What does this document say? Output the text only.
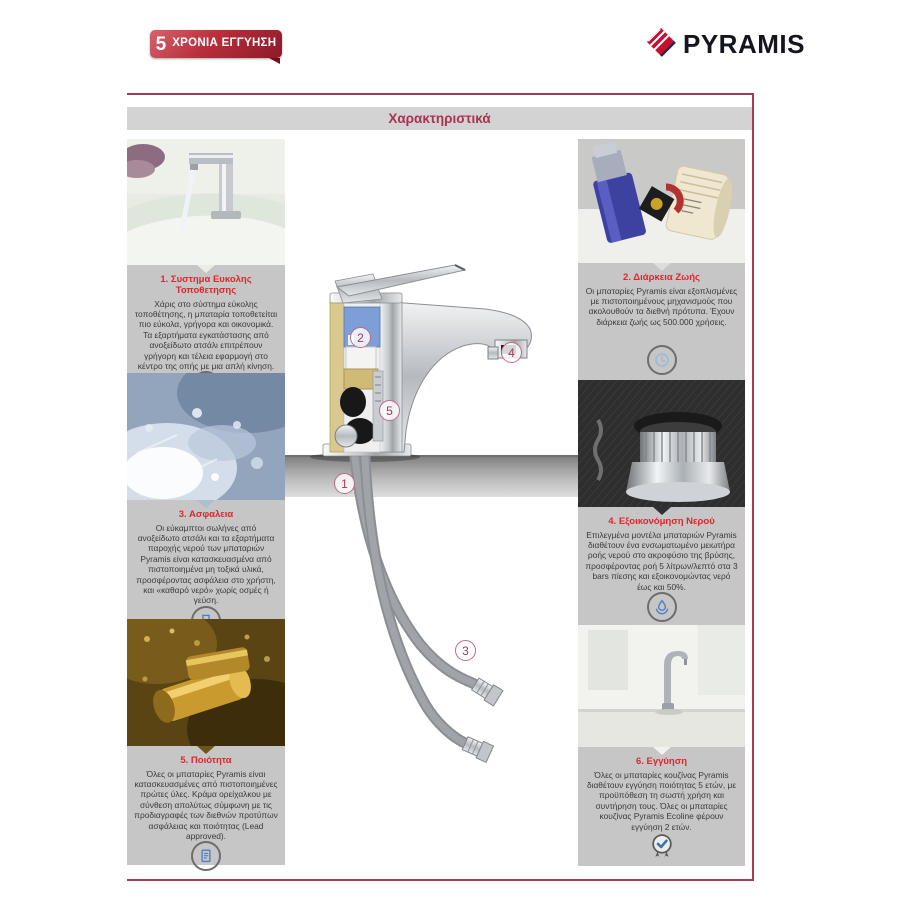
5 ΧΡΟΝΙΑ ΕΓΓΥΗΣΗ	PYRAMIS
Χαρακτηριστικά
1. Συστημα Ευκολης Τοποθετησης
Χάρις στο σύστημα εύκολης τοποθέτησης, η μπαταρία τοποθετείται πιο εύκολα, γρήγορα και οικονομικά. Τα εξαρτήματα εγκατάστασης από ανοξείδωτο ατσάλι επιτρέπουν γρήγορη και τέλεια εφαρμογή στο κέντρο της οπής με μια απλή κίνηση.
3. Ασφαλεια
Οι εύκαμπτοι σωλήνες από ανοξείδωτο ατσάλι και τα εξαρτήματα παροχής νερού των μπαταριών Pyramis είναι κατασκευασμένα από πιστοποιημένα μη τοξικά υλικά, προσφέροντας ασφάλεια στο χρήστη, και «καθαρό νερό» χωρίς οσμές ή γεύση.
5. Ποιότητα
Όλες οι μπαταρίες Pyramis είναι κατασκευασμένες από πιστοποιημένες πρώτες ύλες. Κράμα ορείχαλκου με σύνθεση απολύτως σύμφωνη με τις προδιαγραφές των διεθνών προτύπων ασφάλειας και ποιότητας (Lead approved).
2. Διάρκεια Ζωής
Οι μπαταρίες Pyramis είναι εξοπλισμένες με πιστοποιημένους μηχανισμούς που ακολουθούν τα διεθνή πρότυπα. Έχουν διάρκεια ζωής ως 500.000 χρήσεις.
4. Εξοικονόμηση Νερού
Επιλεγμένα μοντέλα μπαταριών Pyramis διαθέτουν ένα ενσωματωμένο μειωτήρα ροής νερού στο ακροφύσιο της βρύσης, προσφέροντας ροή 5 λίτρων/λεπτό στα 3 bars πίεσης και εξοικονομώντας νερό έως και 50%.
6. Εγγύηση
Όλες οι μπαταρίες κουζίνας Pyramis διαθέτουν εγγύηση ποιότητας 5 ετών, με προϋπόθεση τη σωστή χρήση και συντήρηση τους. Όλες οι μπαταρίες κουζίνας Pyramis Ecoline φέρουν εγγύηση 2 ετών.
1
2
3
4
5
